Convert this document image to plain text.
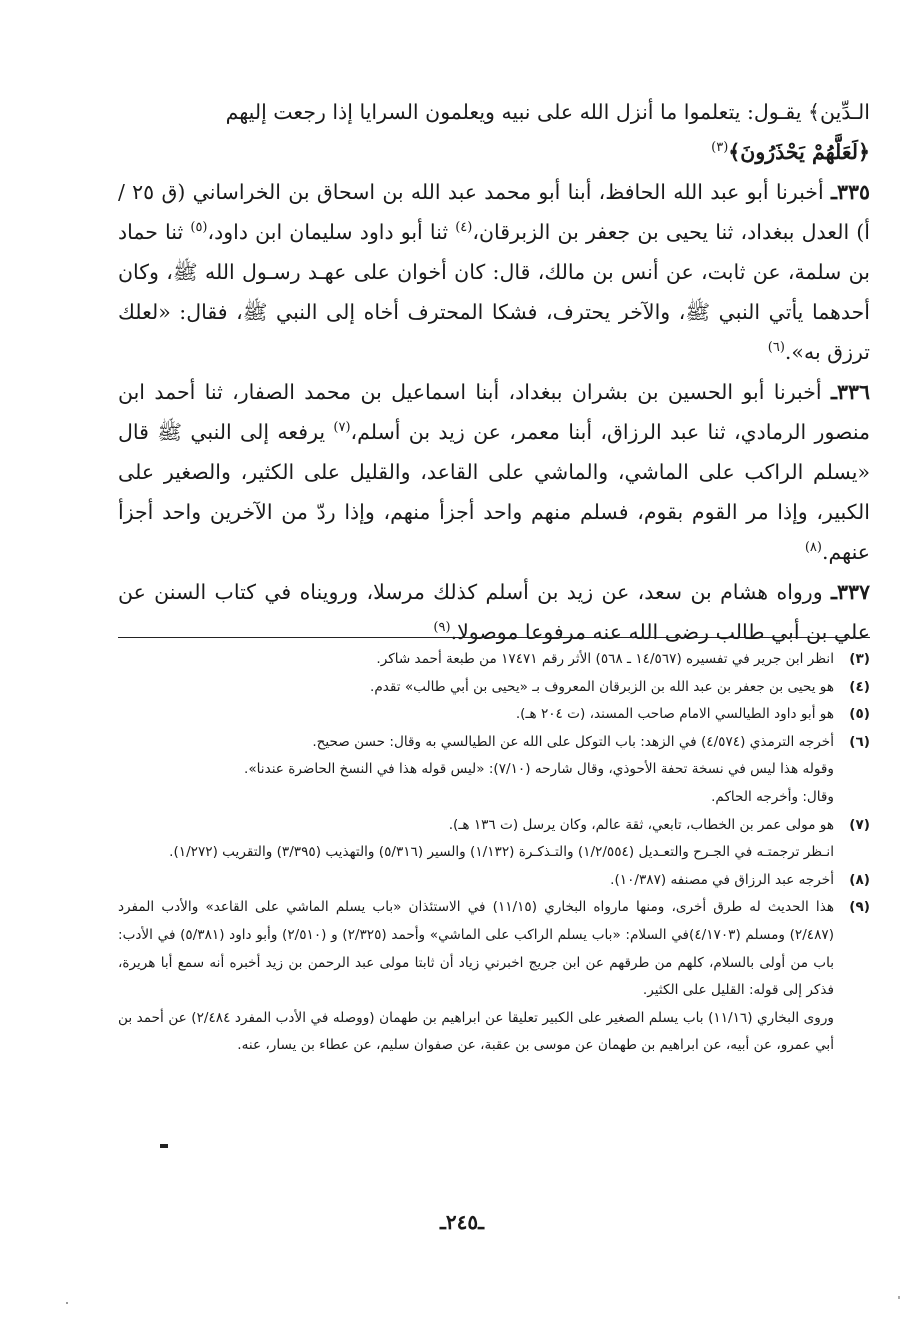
الـدِّين﴾ يقـول: يتعلموا ما أنزل الله على نبيه ويعلمون السرايا إذا رجعت إليهم

﴿لَعَلَّهُمْ يَحْذَرُونَ﴾$^{(٣)}$

٣٣٥ـ أخبرنا أبو عبد الله الحافظ، أبنا أبو محمد عبد الله بن اسحاق بن الخراساني (ق ٢٥ / أ) العدل ببغداد، ثنا يحيى بن جعفر بن الزبرقان،$^{(٤)}$ ثنا أبو داود سليمان ابن داود،$^{(٥)}$ ثنا حماد بن سلمة، عن ثابت، عن أنس بن مالك، قال: كان أخوان على عهـد رسـول الله ﷺ، وكان أحدهما يأتي النبي ﷺ، والآخر يحترف، فشكا المحترف أخاه إلى النبي ﷺ، فقال: «لعلك ترزق به».$^{(٦)}$

٣٣٦ـ أخبرنا أبو الحسين بن بشران ببغداد، أبنا اسماعيل بن محمد الصفار، ثنا أحمد ابن منصور الرمادي، ثنا عبد الرزاق، أبنا معمر، عن زيد بن أسلم،$^{(٧)}$ يرفعه إلى النبي ﷺ قال «يسلم الراكب على الماشي، والماشي على القاعد، والقليل على الكثير، والصغير على الكبير، وإذا مر القوم بقوم، فسلم منهم واحد أجزأ منهم، وإذا ردّ من الآخرين واحد أجزأ عنهم.$^{(٨)}$

٣٣٧ـ ورواه هشام بن سعد، عن زيد بن أسلم كذلك مرسلا، ورويناه في كتاب السنن عن علي بن أبي طالب رضى الله عنه مرفوعا موصولا.$^{(٩)}$

(٣)
انظر ابن جرير في تفسيره (١٤/٥٦٧ ـ ٥٦٨) الأثر رقم ١٧٤٧١ من طبعة أحمد شاكر.
(٤)
هو يحيى بن جعفر بن عبد الله بن الزبرقان المعروف بـ «يحيى بن أبي طالب» تقدم.
(٥)
هو أبو داود الطيالسي الامام صاحب المسند، (ت ٢٠٤ هـ).
(٦)
أخرجه الترمذي (٤/٥٧٤) في الزهد: باب التوكل على الله عن الطيالسي به وقال: حسن صحيح.
وقوله هذا ليس في نسخة تحفة الأحوذي، وقال شارحه (٧/١٠): «ليس قوله هذا في النسخ الحاضرة عندنا».
وقال: وأخرجه الحاكم.
(٧)
هو مولى عمر بن الخطاب، تابعي، ثقة عالم، وكان يرسل (ت ١٣٦ هـ).
انـظر ترجمتـه في الجـرح والتعـديل (١/٢/٥٥٤) والتـذكـرة (١/١٣٢) والسير (٥/٣١٦) والتهذيب (٣/٣٩٥) والتقريب (١/٢٧٢).
(٨)
أخرجه عبد الرزاق في مصنفه (١٠/٣٨٧).
(٩)
هذا الحديث له طرق أخرى، ومنها مارواه البخاري (١١/١٥) في الاستئذان «باب يسلم الماشي على القاعد» والأدب المفرد (٢/٤٨٧) ومسلم (٤/١٧٠٣)في السلام: «باب يسلم الراكب على الماشي» وأحمد (٢/٣٢٥) و (٢/٥١٠) وأبو داود (٥/٣٨١) في الأدب: باب من أولى بالسلام، كلهم من طرقهم عن ابن جريج اخبرني زياد أن ثابتا مولى عبد الرحمن بن زيد أخبره أنه سمع أبا هريرة، فذكر إلى قوله: القليل على الكثير.
وروى البخاري (١١/١٦) باب يسلم الصغير على الكبير تعليقا عن ابراهيم بن طهمان (ووصله في الأدب المفرد ٢/٤٨٤) عن أحمد بن أبي عمرو، عن أبيه، عن ابراهيم بن طهمان عن موسى بن عقبة، عن صفوان سليم، عن عطاء بن يسار، عنه.
ـ٢٤٥ـ
